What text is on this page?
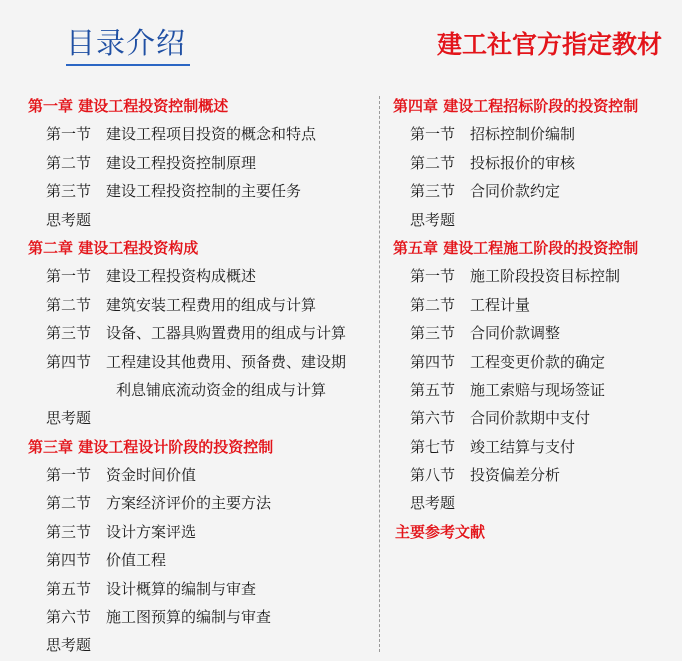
目录介绍	建工社官方指定教材
第一章 建设工程投资控制概述
第一节 建设工程项目投资的概念和特点
第二节 建设工程投资控制原理
第三节 建设工程投资控制的主要任务
思考题
第二章 建设工程投资构成
第一节 建设工程投资构成概述
第二节 建筑安装工程费用的组成与计算
第三节 设备、工器具购置费用的组成与计算
第四节 工程建设其他费用、预备费、建设期
利息铺底流动资金的组成与计算
思考题
第三章 建设工程设计阶段的投资控制
第一节 资金时间价值
第二节 方案经济评价的主要方法
第三节 设计方案评选
第四节 价值工程
第五节 设计概算的编制与审查
第六节 施工图预算的编制与审查
思考题
第四章 建设工程招标阶段的投资控制
第一节 招标控制价编制
第二节 投标报价的审核
第三节 合同价款约定
思考题
第五章 建设工程施工阶段的投资控制
第一节 施工阶段投资目标控制
第二节 工程计量
第三节 合同价款调整
第四节 工程变更价款的确定
第五节 施工索赔与现场签证
第六节 合同价款期中支付
第七节 竣工结算与支付
第八节 投资偏差分析
思考题
主要参考文献
